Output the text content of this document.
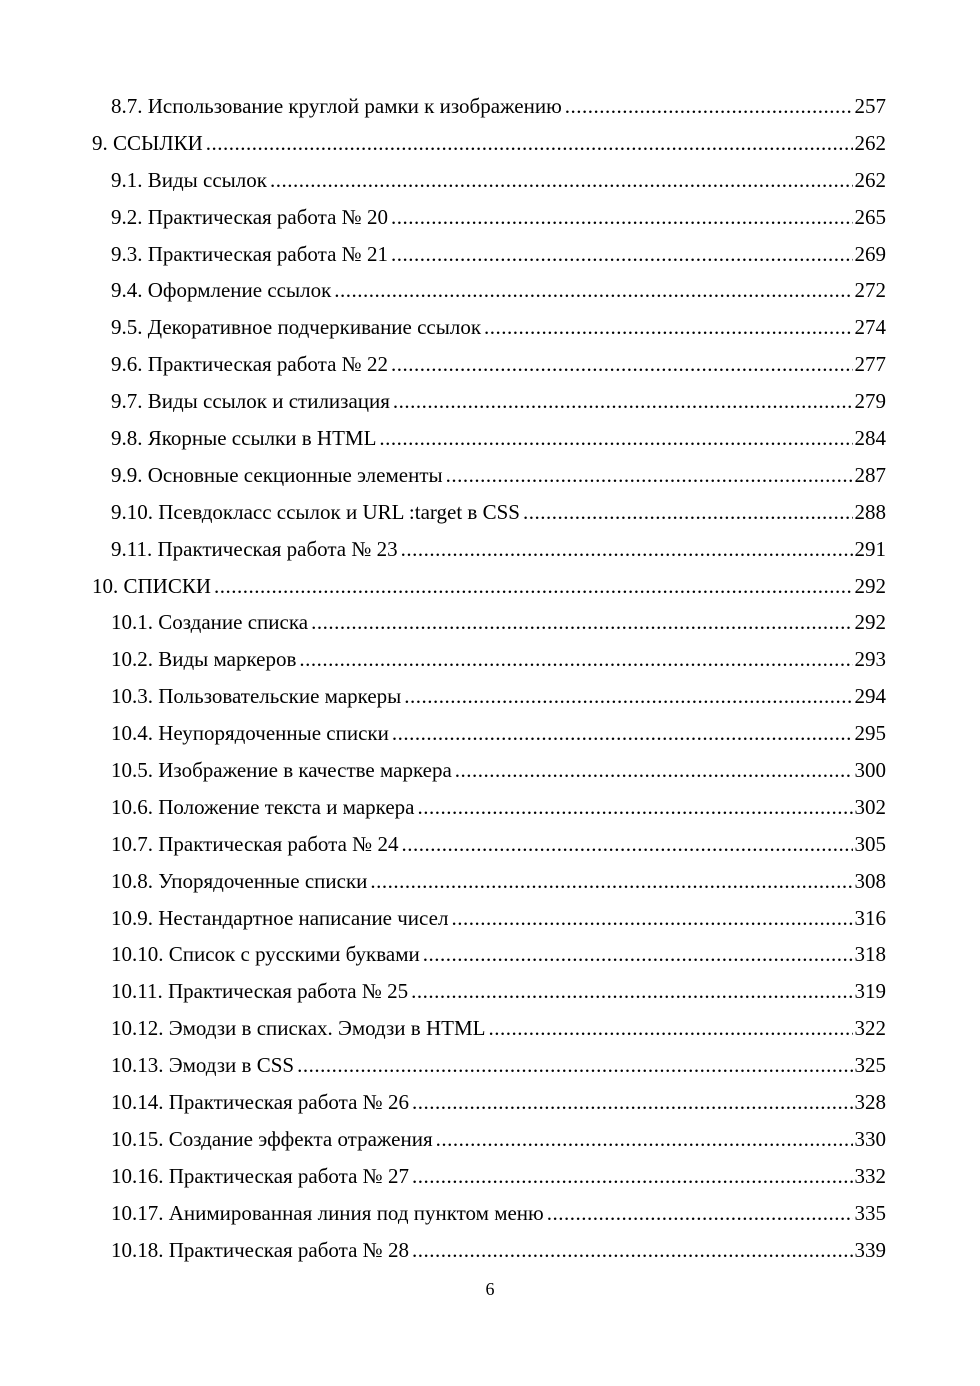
8.7. Использование круглой рамки к изображению .....	257
9. ССЫЛКИ .....	262
9.1. Виды ссылок .....	262
9.2. Практическая работа № 20 .....	265
9.3. Практическая работа № 21 .....	269
9.4. Оформление ссылок .....	272
9.5. Декоративное подчеркивание ссылок .....	274
9.6. Практическая работа № 22 .....	277
9.7. Виды ссылок и стилизация .....	279
9.8. Якорные ссылки в HTML .....	284
9.9. Основные секционные элементы .....	287
9.10. Псевдокласс ссылок и URL :target в CSS .....	288
9.11. Практическая работа № 23 .....	291
10. СПИСКИ .....	292
10.1. Создание списка .....	292
10.2. Виды маркеров .....	293
10.3. Пользовательские маркеры .....	294
10.4. Неупорядоченные списки .....	295
10.5. Изображение в качестве маркера .....	300
10.6. Положение текста и маркера .....	302
10.7. Практическая работа № 24 .....	305
10.8. Упорядоченные списки .....	308
10.9. Нестандартное написание чисел .....	316
10.10. Список с русскими буквами .....	318
10.11. Практическая работа № 25 .....	319
10.12. Эмодзи в списках. Эмодзи в HTML .....	322
10.13. Эмодзи в CSS .....	325
10.14. Практическая работа № 26 .....	328
10.15. Создание эффекта отражения .....	330
10.16. Практическая работа № 27 .....	332
10.17. Анимированная линия под пунктом меню .....	335
10.18. Практическая работа № 28 .....	339
6
